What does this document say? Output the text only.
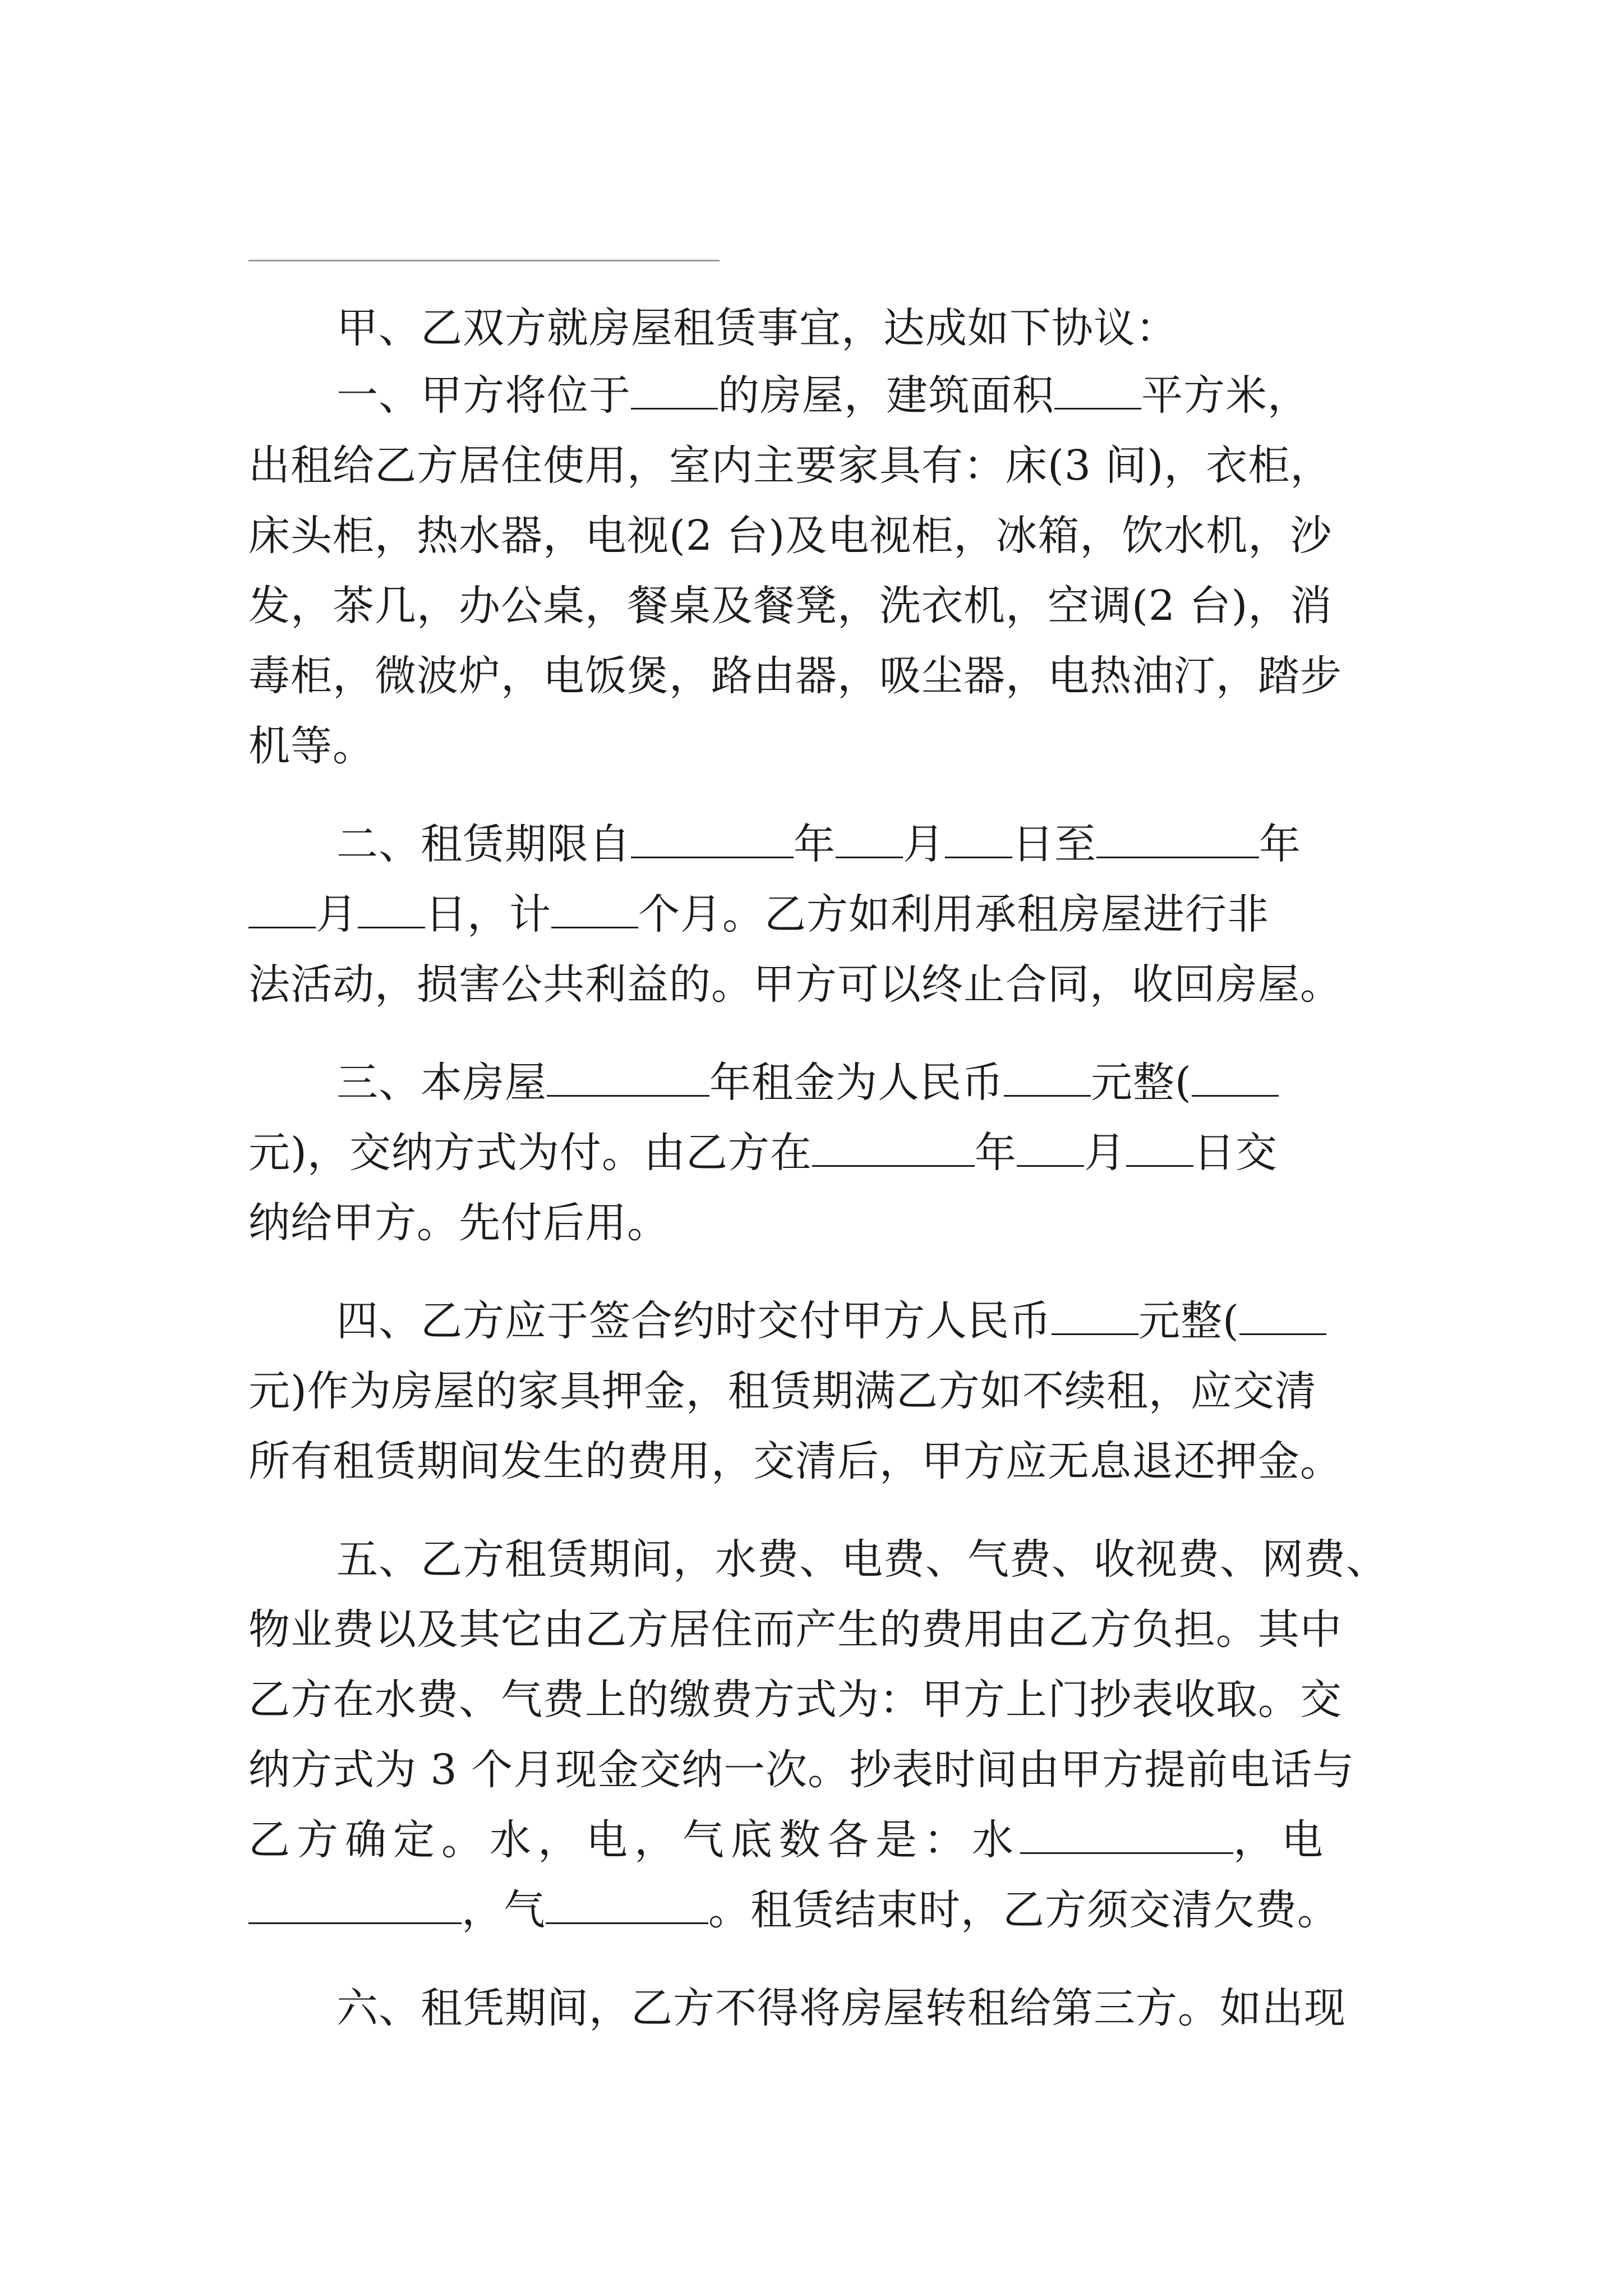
甲、乙双方就房屋租赁事宜，达成如下协议：
一、甲方将位于 的房屋，建筑面积 平方米，
出租给乙方居住使用，室内主要家具有：床(3 间)，衣柜，
床头柜，热水器，电视(2 台)及电视柜，冰箱，饮水机，沙
发，茶几，办公桌，餐桌及餐凳，洗衣机，空调(2 台)，消
毒柜，微波炉，电饭煲，路由器，吸尘器，电热油汀，踏步
机等。
二、租赁期限自	年 月 日至	年
月 日，计 个月。乙方如利用承租房屋进行非
法活动，损害公共利益的。甲方可以终止合同，收回房屋。
三、本房屋	年租金为人民币 元整(
元)，交纳方式为付。由乙方在	年 月 日交
纳给甲方。先付后用。
四、乙方应于签合约时交付甲方人民币 元整(
元)作为房屋的家具押金，租赁期满乙方如不续租，应交清
所有租赁期间发生的费用，交清后，甲方应无息退还押金。
五、乙方租赁期间，水费、电费、气费、收视费、网费、
物业费以及其它由乙方居住而产生的费用由乙方负担。其中
乙方在水费、气费上的缴费方式为：甲方上门抄表收取。交
纳方式为 3 个月现金交纳一次。抄表时间由甲方提前电话与
乙方确定。水，电，气底数各是：水	，电
，气	。租赁结束时，乙方须交清欠费。
六、租凭期间，乙方不得将房屋转租给第三方。如出现
